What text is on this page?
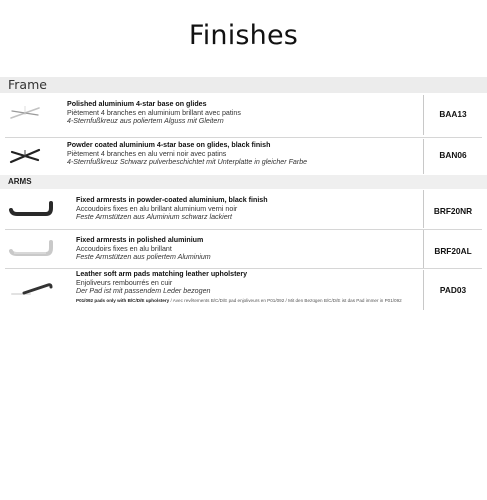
Finishes
Frame
Polished aluminium 4-star base on glides
Piètement 4 branches en aluminium brillant avec patins
4-Sternfußkreuz aus poliertem Alguss mit Gleitern
BAA13
Powder coated aluminium 4-star base on glides, black finish
Piètement 4 branches en alu verni noir avec patins
4-Sternfußkreuz Schwarz pulverbeschichtet mit Unterplatte in gleicher Farbe
BAN06
ARMS
Fixed armrests in powder-coated aluminium, black finish
Accoudoirs fixes en alu brillant aluminium verni noir
Feste Armstützen aus Aluminium schwarz lackiert
BRF20NR
Fixed armrests in polished aluminium
Accoudoirs fixes en alu brillant
Feste Armstützen aus poliertem Aluminium
BRF20AL
Leather soft arm pads matching leather upholstery
Enjoliveurs rembourrés en cuir
Der Pad ist mit passendem Leder bezogen
P01/092 pads only with B/C/D/E upholstery / Avec revêtements B/C/D/E pad enjoliveurs en P01/092 / Mit den Bezügen B/C/D/E ist das Pad immer in P01/092
PAD03
